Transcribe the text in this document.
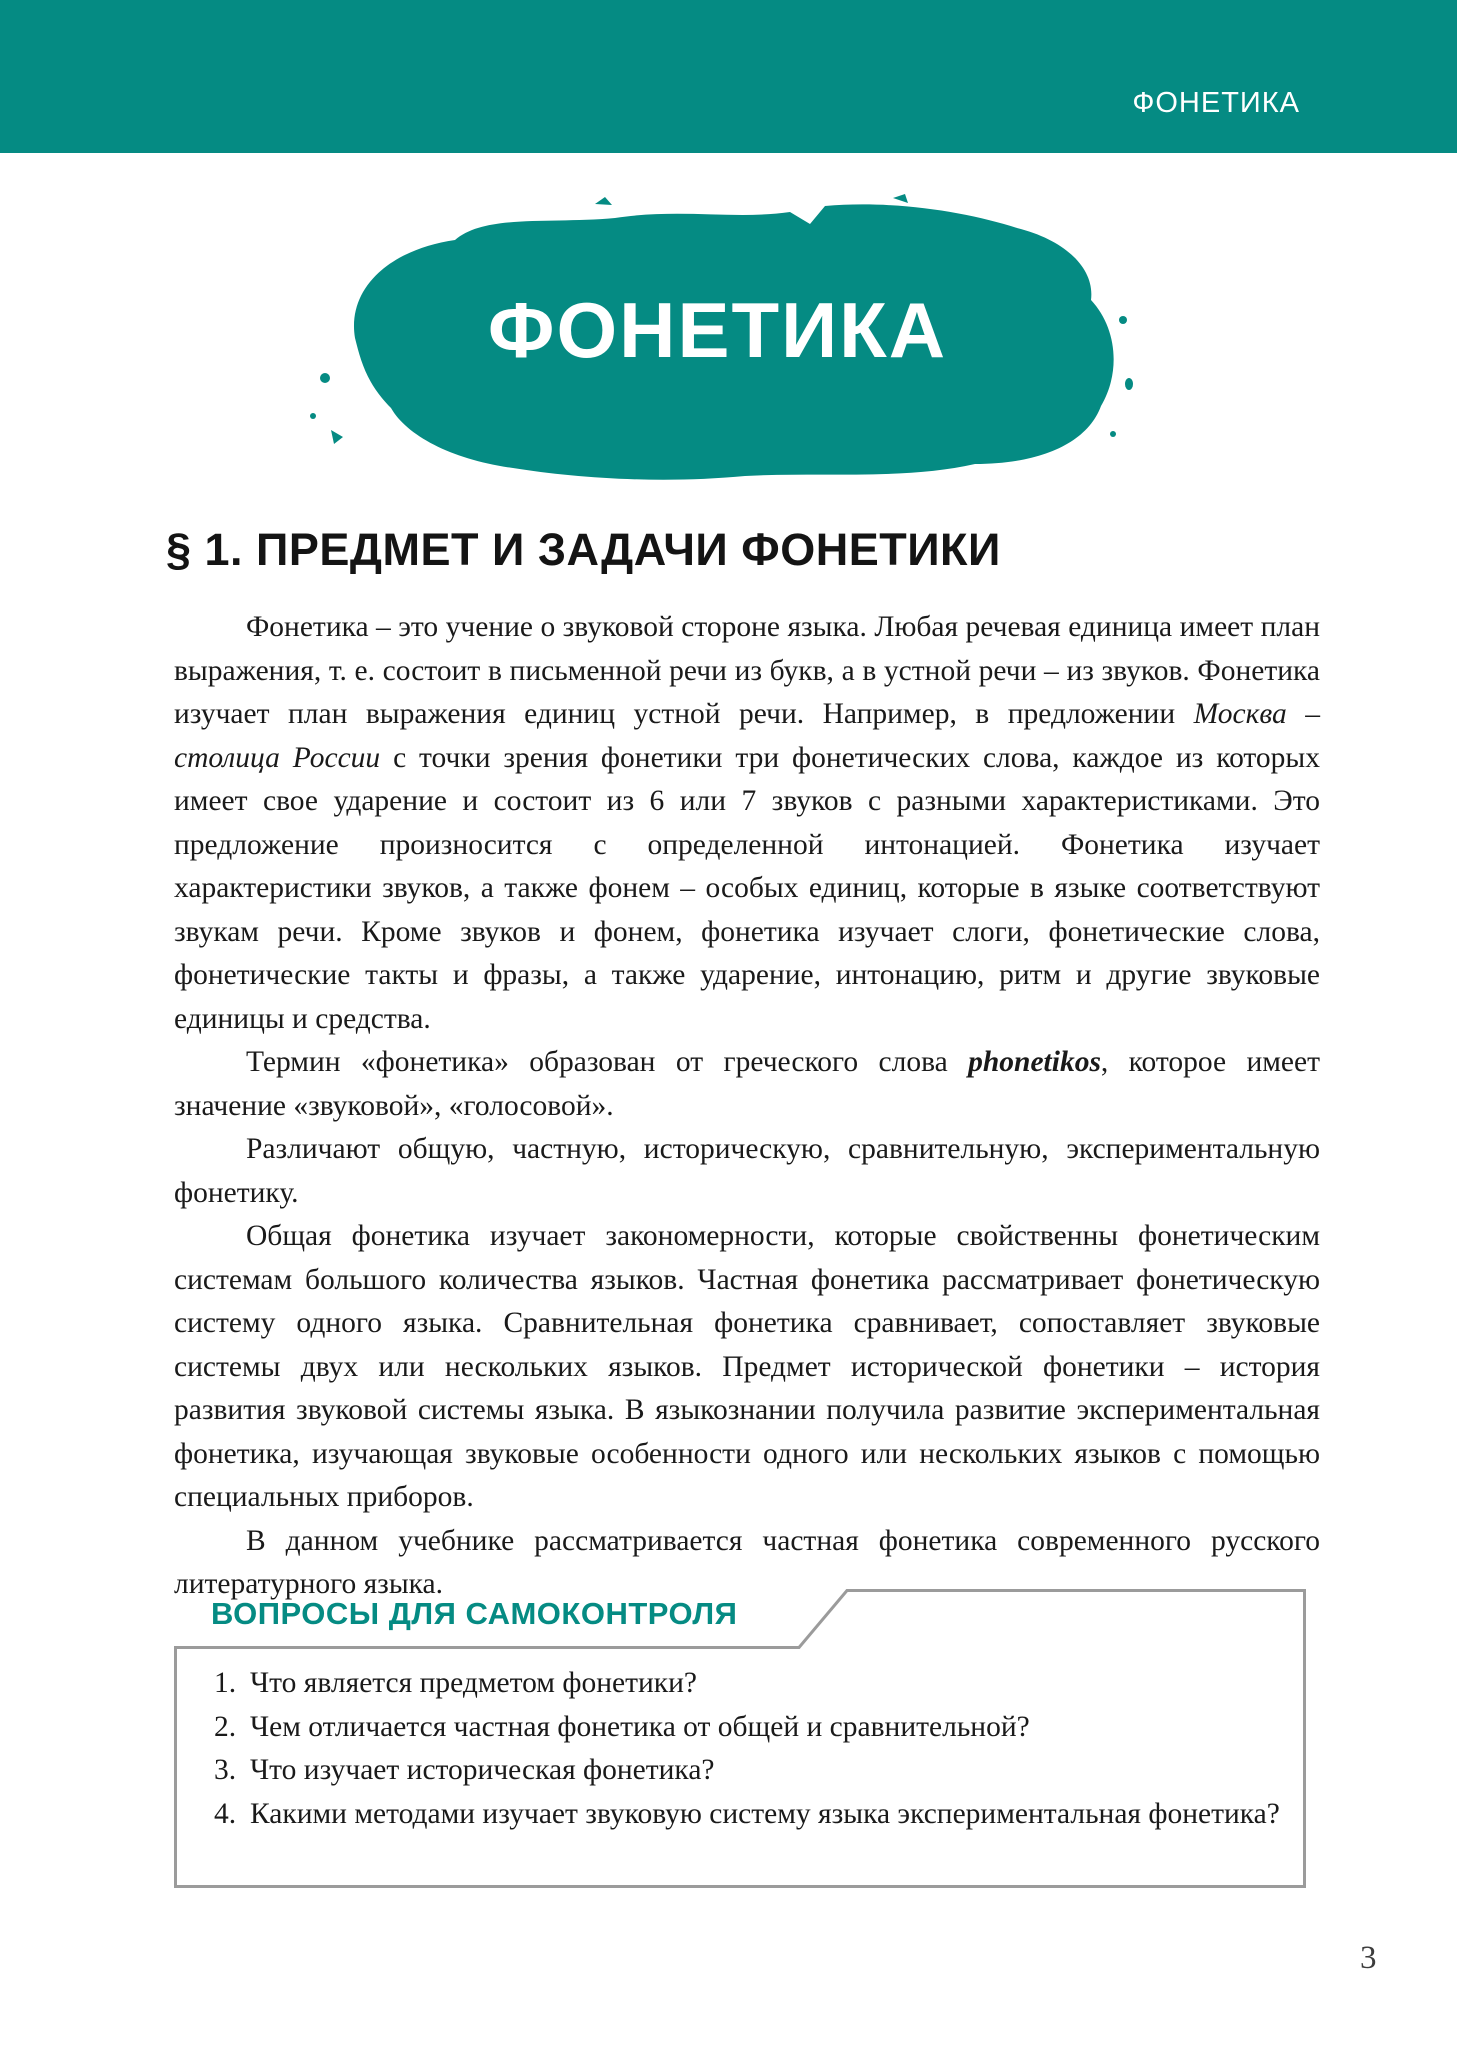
ФОНЕТИКА
ФОНЕТИКА
§ 1. ПРЕДМЕТ И ЗАДАЧИ ФОНЕТИКИ

Фонетика – это учение о звуковой стороне языка. Любая речевая единица имеет план выражения, т. е. состоит в письменной речи из букв, а в устной речи – из звуков. Фонетика изучает план выражения единиц устной речи. Например, в предложении Москва – столица России с точки зрения фонетики три фонетических слова, каждое из которых имеет свое ударение и состоит из 6 или 7 звуков с разными характеристиками. Это предложение произносится с определенной интонацией. Фонетика изучает характеристики звуков, а также фонем – особых единиц, которые в языке соответствуют звукам речи. Кроме звуков и фонем, фонетика изучает слоги, фонетические слова, фонетические такты и фразы, а также ударение, интонацию, ритм и другие звуковые единицы и средства.

Термин «фонетика» образован от греческого слова phonetikos, которое имеет значение «звуковой», «голосовой».

Различают общую, частную, историческую, сравнительную, экспериментальную фонетику.

Общая фонетика изучает закономерности, которые свойственны фонетическим системам большого количества языков. Частная фонетика рассматривает фонетическую систему одного языка. Сравнительная фонетика сравнивает, сопоставляет звуковые системы двух или нескольких языков. Предмет исторической фонетики – история развития звуковой системы языка. В языкознании получила развитие экспериментальная фонетика, изучающая звуковые особенности одного или нескольких языков с помощью специальных приборов.

В данном учебнике рассматривается частная фонетика современного русского литературного языка.

ВОПРОСЫ ДЛЯ САМОКОНТРОЛЯ
1. Что является предметом фонетики?
2. Чем отличается частная фонетика от общей и сравнительной?
3. Что изучает историческая фонетика?
4. Какими методами изучает звуковую систему языка экспериментальная фонетика?
3
